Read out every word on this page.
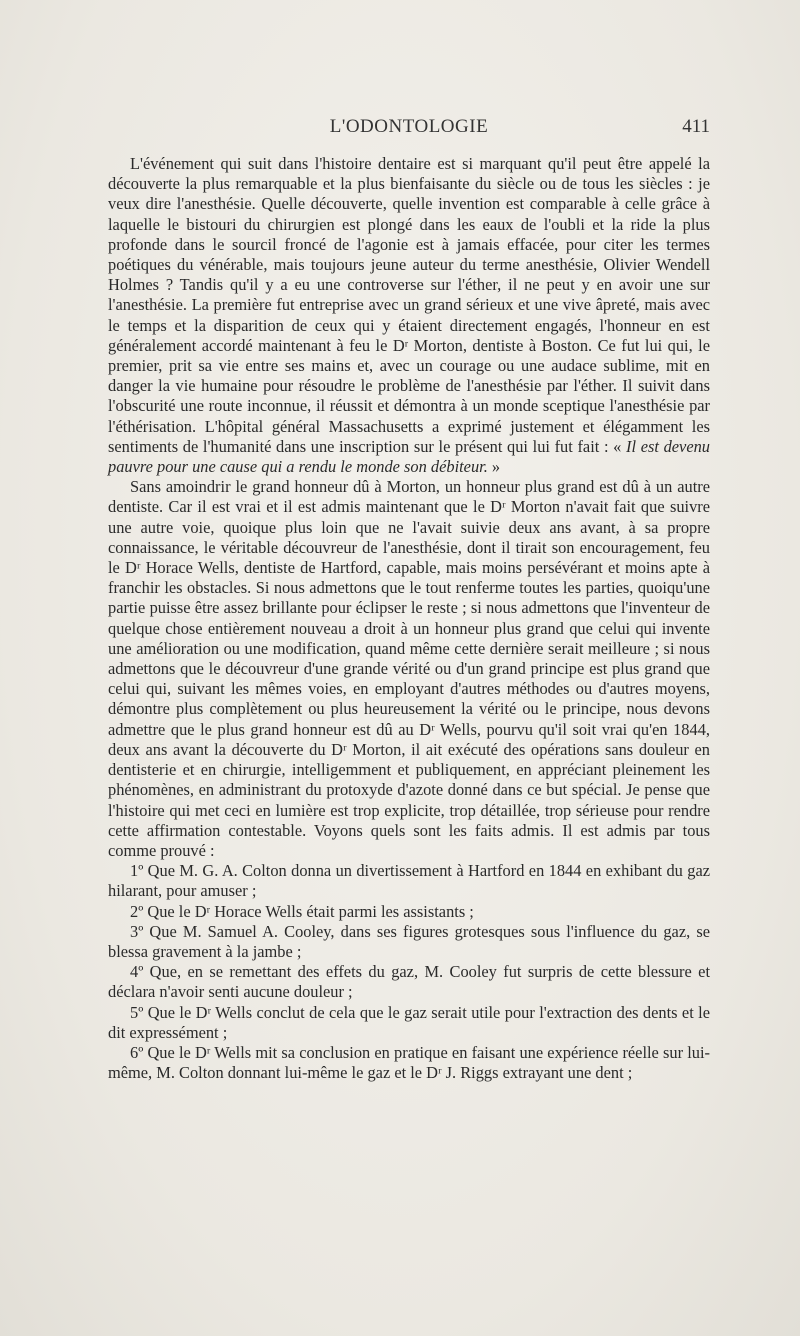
L'ODONTOLOGIE	411

L'événement qui suit dans l'histoire dentaire est si marquant qu'il peut être appelé la découverte la plus remarquable et la plus bienfaisante du siècle ou de tous les siècles : je veux dire l'anesthésie. Quelle découverte, quelle invention est comparable à celle grâce à laquelle le bistouri du chirurgien est plongé dans les eaux de l'oubli et la ride la plus profonde dans le sourcil froncé de l'agonie est à jamais effacée, pour citer les termes poétiques du vénérable, mais toujours jeune auteur du terme anesthésie, Olivier Wendell Holmes ? Tandis qu'il y a eu une controverse sur l'éther, il ne peut y en avoir une sur l'anesthésie. La première fut entreprise avec un grand sérieux et une vive âpreté, mais avec le temps et la disparition de ceux qui y étaient directement engagés, l'honneur en est généralement accordé maintenant à feu le Dʳ Morton, dentiste à Boston. Ce fut lui qui, le premier, prit sa vie entre ses mains et, avec un courage ou une audace sublime, mit en danger la vie humaine pour résoudre le problème de l'anesthésie par l'éther. Il suivit dans l'obscurité une route inconnue, il réussit et démontra à un monde sceptique l'anesthésie par l'éthérisation. L'hôpital général Massachusetts a exprimé justement et élégamment les sentiments de l'humanité dans une inscription sur le présent qui lui fut fait : « Il est devenu pauvre pour une cause qui a rendu le monde son débiteur. »

Sans amoindrir le grand honneur dû à Morton, un honneur plus grand est dû à un autre dentiste. Car il est vrai et il est admis maintenant que le Dʳ Morton n'avait fait que suivre une autre voie, quoique plus loin que ne l'avait suivie deux ans avant, à sa propre connaissance, le véritable découvreur de l'anesthésie, dont il tirait son encouragement, feu le Dʳ Horace Wells, dentiste de Hartford, capable, mais moins persévérant et moins apte à franchir les obstacles. Si nous admettons que le tout renferme toutes les parties, quoiqu'une partie puisse être assez brillante pour éclipser le reste ; si nous admettons que l'inventeur de quelque chose entièrement nouveau a droit à un honneur plus grand que celui qui invente une amélioration ou une modification, quand même cette dernière serait meilleure ; si nous admettons que le découvreur d'une grande vérité ou d'un grand principe est plus grand que celui qui, suivant les mêmes voies, en employant d'autres méthodes ou d'autres moyens, démontre plus complètement ou plus heureusement la vérité ou le principe, nous devons admettre que le plus grand honneur est dû au Dʳ Wells, pourvu qu'il soit vrai qu'en 1844, deux ans avant la découverte du Dʳ Morton, il ait exécuté des opérations sans douleur en dentisterie et en chirurgie, intelligemment et publiquement, en appréciant pleinement les phénomènes, en administrant du protoxyde d'azote donné dans ce but spécial. Je pense que l'histoire qui met ceci en lumière est trop explicite, trop détaillée, trop sérieuse pour rendre cette affirmation contestable. Voyons quels sont les faits admis. Il est admis par tous comme prouvé :

1º Que M. G. A. Colton donna un divertissement à Hartford en 1844 en exhibant du gaz hilarant, pour amuser ;

2º Que le Dʳ Horace Wells était parmi les assistants ;

3º Que M. Samuel A. Cooley, dans ses figures grotesques sous l'influence du gaz, se blessa gravement à la jambe ;

4º Que, en se remettant des effets du gaz, M. Cooley fut surpris de cette blessure et déclara n'avoir senti aucune douleur ;

5º Que le Dʳ Wells conclut de cela que le gaz serait utile pour l'extraction des dents et le dit expressément ;

6º Que le Dʳ Wells mit sa conclusion en pratique en faisant une expérience réelle sur lui-même, M. Colton donnant lui-même le gaz et le Dʳ J. Riggs extrayant une dent ;
